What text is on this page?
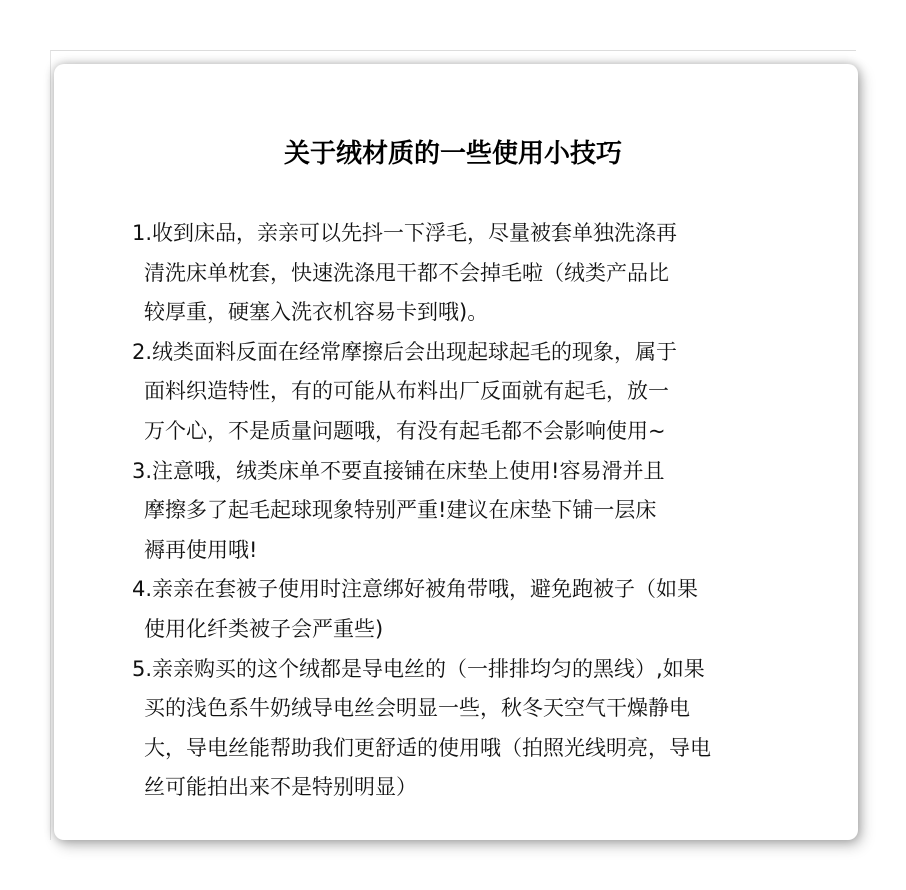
关于绒材质的一些使用小技巧
1.收到床品，亲亲可以先抖一下浮毛，尽量被套单独洗涤再
清洗床单枕套，快速洗涤甩干都不会掉毛啦（绒类产品比
较厚重，硬塞入洗衣机容易卡到哦)。
2.绒类面料反面在经常摩擦后会出现起球起毛的现象，属于
面料织造特性，有的可能从布料出厂反面就有起毛，放一
万个心，不是质量问题哦，有没有起毛都不会影响使用~
3.注意哦，绒类床单不要直接铺在床垫上使用!容易滑并且
摩擦多了起毛起球现象特别严重!建议在床垫下铺一层床
褥再使用哦!
4.亲亲在套被子使用时注意绑好被角带哦，避免跑被子（如果
使用化纤类被子会严重些)
5.亲亲购买的这个绒都是导电丝的（一排排均匀的黑线）,如果
买的浅色系牛奶绒导电丝会明显一些，秋冬天空气干燥静电
大，导电丝能帮助我们更舒适的使用哦（拍照光线明亮，导电
丝可能拍出来不是特别明显）
